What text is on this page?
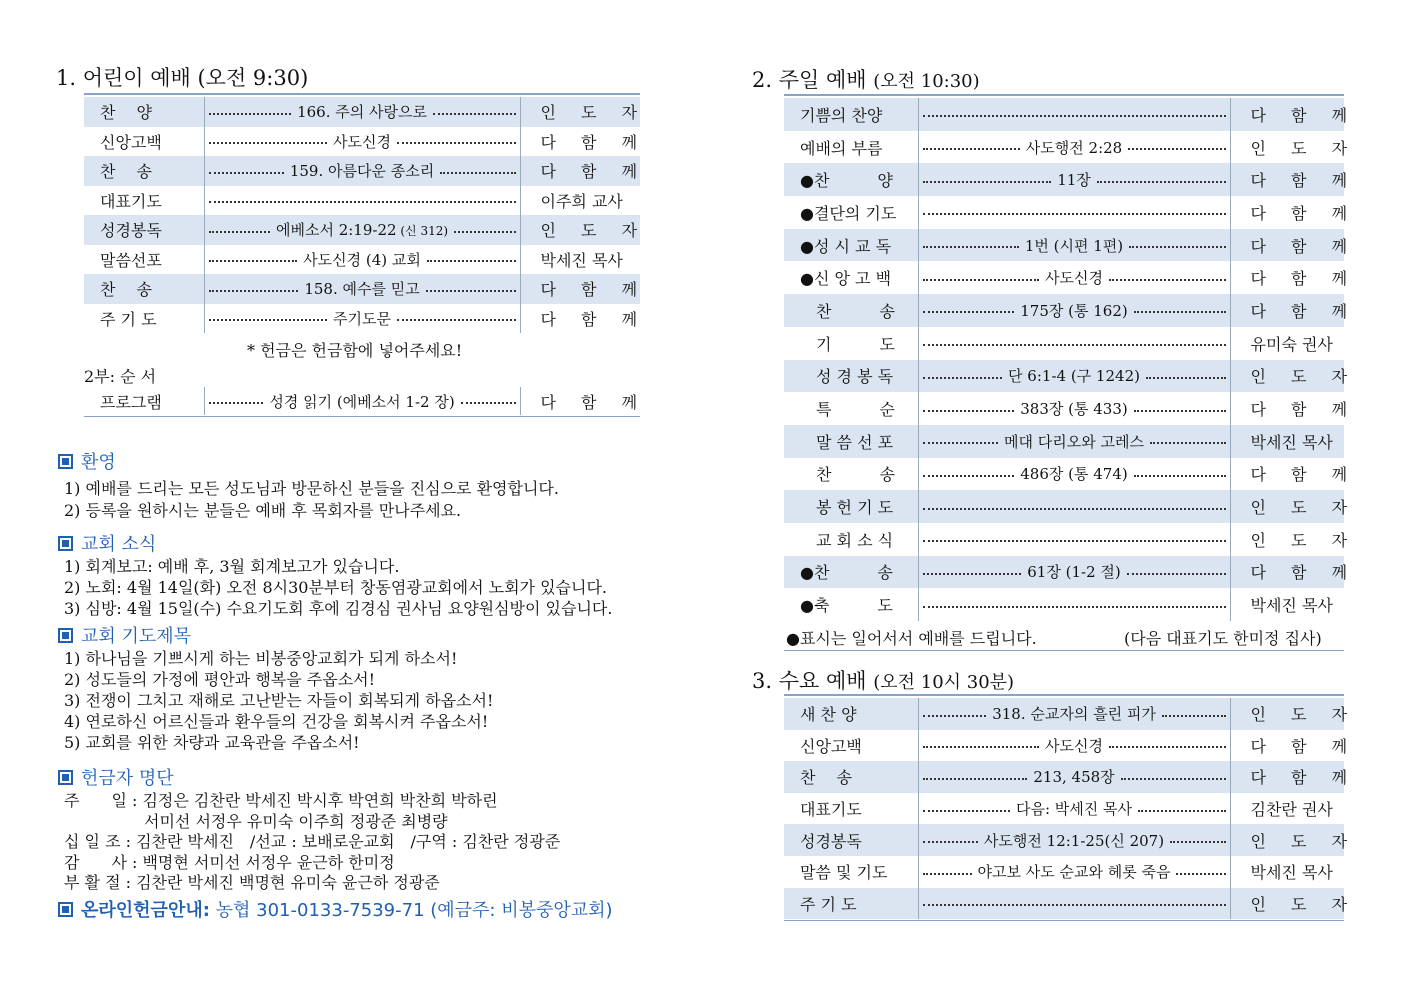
1. 어린이 예배 (오전 9:30)
찬　 양	166. 주의 사랑으로	인 도 자
신앙고백	사도신경	다 함 께
찬　 송	159. 아름다운 종소리	다 함 께
대표기도		이주희 교사
성경봉독	에베소서 2:19-22 (신 312)	인 도 자
말씀선포	사도신경 (4) 교회	박세진 목사
찬　 송	158. 예수를 믿고	다 함 께
주 기 도	주기도문	다 함 께
* 헌금은 헌금함에 넣어주세요!
2부: 순 서
프로그램	성경 읽기 (에베소서 1-2 장)	다 함 께
환영
1) 예배를 드리는 모든 성도님과 방문하신 분들을 진심으로 환영합니다.
2) 등록을 원하시는 분들은 예배 후 목회자를 만나주세요.
교회 소식
1) 회계보고: 예배 후, 3월 회계보고가 있습니다.
2) 노회: 4월 14일(화) 오전 8시30분부터 창동염광교회에서 노회가 있습니다.
3) 심방: 4월 15일(수) 수요기도회 후에 김경심 권사님 요양원심방이 있습니다.
교회 기도제목
1) 하나님을 기쁘시게 하는 비봉중앙교회가 되게 하소서!
2) 성도들의 가정에 평안과 행복을 주옵소서!
3) 전쟁이 그치고 재해로 고난받는 자들이 회복되게 하옵소서!
4) 연로하신 어르신들과 환우들의 건강을 회복시켜 주옵소서!
5) 교회를 위한 차량과 교육관을 주옵소서!
헌금자 명단
주　　일 : 김정은 김찬란 박세진 박시후 박연희 박찬희 박하린
　　　　　서미선 서정우 유미숙 이주희 정광준 최병량
십 일 조 : 김찬란 박세진　/선교 : 보배로운교회　/구역 : 김찬란 정광준
감　　사 : 백명현 서미선 서정우 윤근하 한미정
부 활 절 : 김찬란 박세진 백명현 유미숙 윤근하 정광준
온라인헌금안내: 농협 301-0133-7539-71 (예금주: 비봉중앙교회)
2. 주일 예배 (오전 10:30)
기쁨의 찬양		다 함 께
예배의 부름	사도행전 2:28	인 도 자
●찬　　　양	11장	다 함 께
●결단의 기도		다 함 께
●성 시 교 독	1번 (시편 1편)	다 함 께
●신 앙 고 백	사도신경	다 함 께
　찬　　　송	175장 (통 162)	다 함 께
　기　　　도		유미숙 권사
　성 경 봉 독	단 6:1-4 (구 1242)	인 도 자
　특　　　순	383장 (통 433)	다 함 께
　말 씀 선 포	메대 다리오와 고레스	박세진 목사
　찬　　　송	486장 (통 474)	다 함 께
　봉 헌 기 도		인 도 자
　교 회 소 식		인 도 자
●찬　　　송	61장 (1-2 절)	다 함 께
●축　　　도		박세진 목사
●표시는 일어서서 예배를 드립니다.	(다음 대표기도 한미정 집사)
3. 수요 예배 (오전 10시 30분)
새 찬 양	318. 순교자의 흘린 피가	인 도 자
신앙고백	사도신경	다 함 께
찬　 송	213, 458장	다 함 께
대표기도	다음: 박세진 목사	김찬란 권사
성경봉독	사도행전 12:1-25(신 207)	인 도 자
말씀 및 기도	야고보 사도 순교와 헤롯 죽음	박세진 목사
주 기 도		인 도 자
